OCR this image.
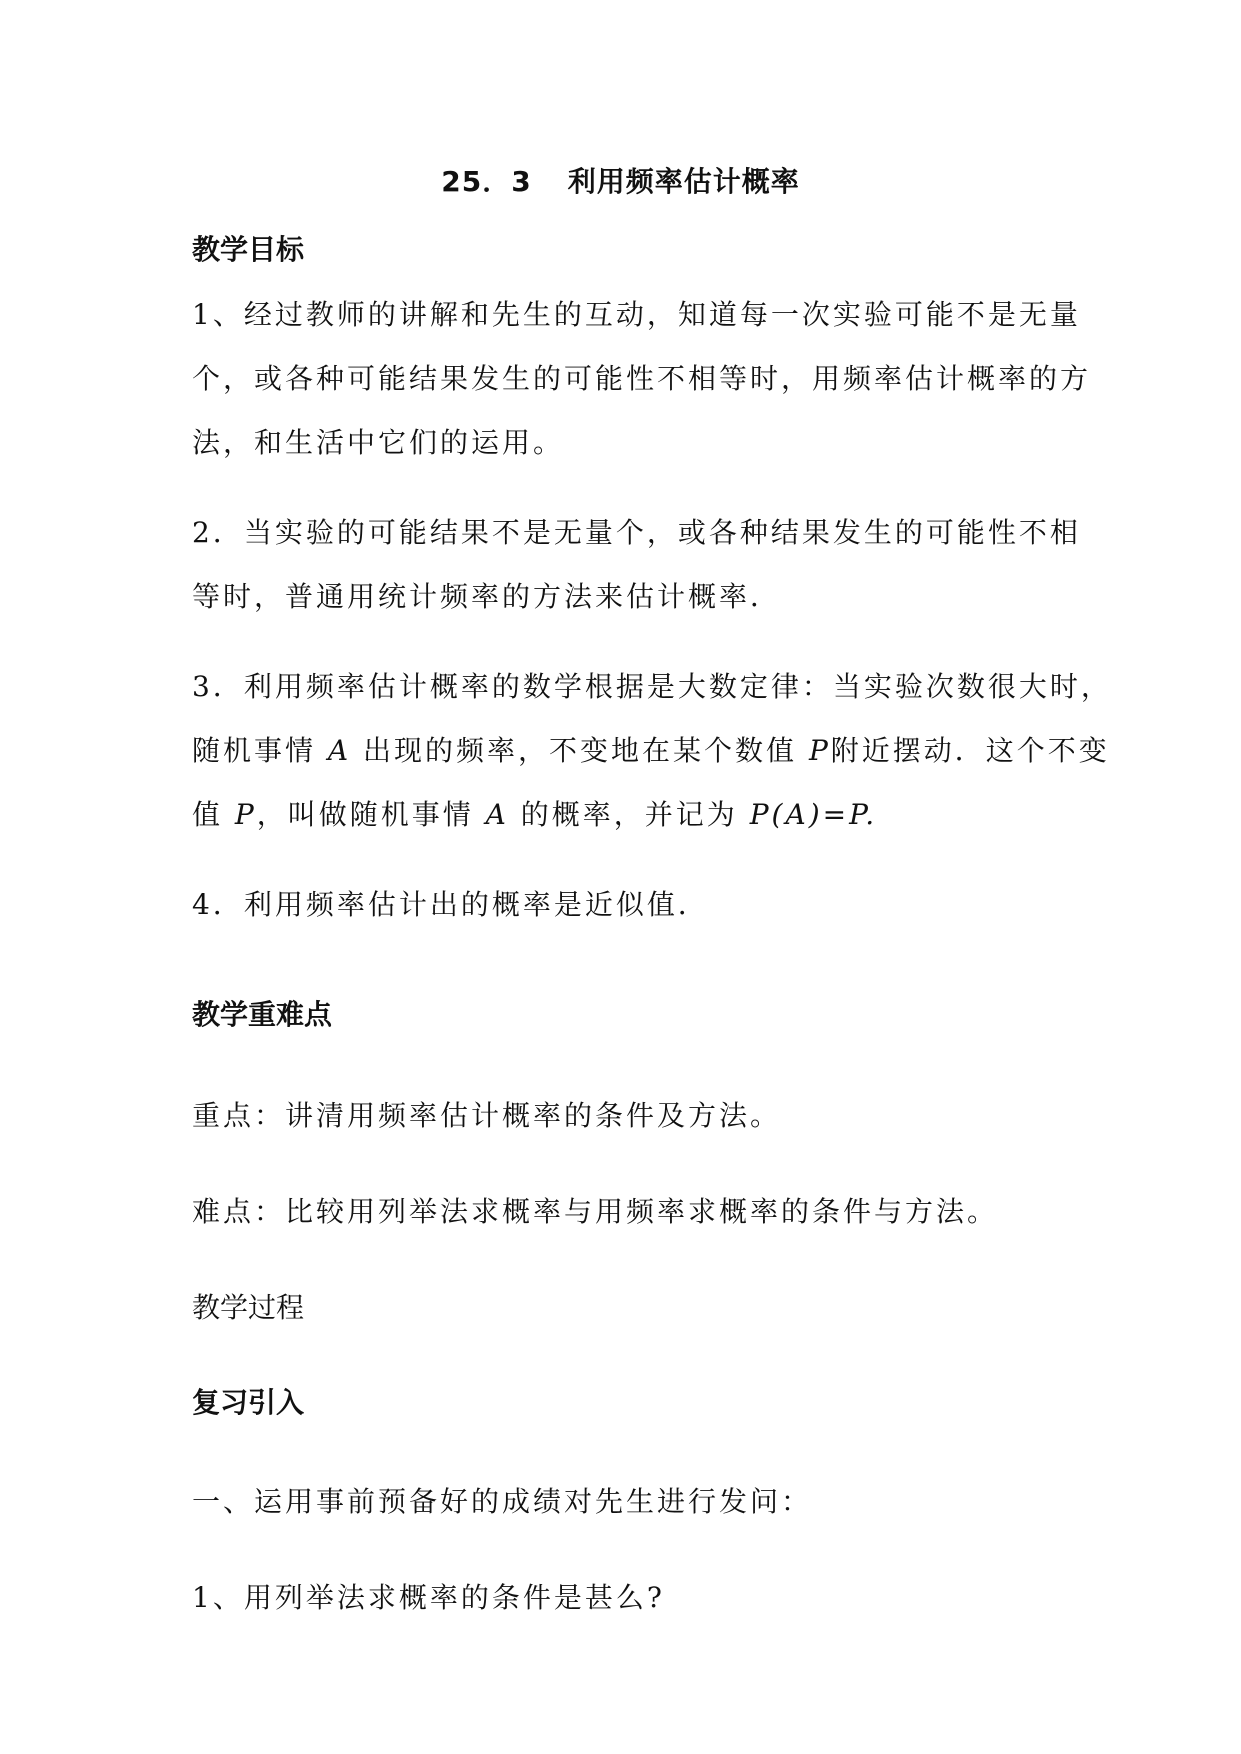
25．3 利用频率估计概率
教学目标
1、经过教师的讲解和先生的互动，知道每一次实验可能不是无量
个，或各种可能结果发生的可能性不相等时，用频率估计概率的方
法，和生活中它们的运用。
2．当实验的可能结果不是无量个，或各种结果发生的可能性不相
等时，普通用统计频率的方法来估计概率．
3．利用频率估计概率的数学根据是大数定律：当实验次数很大时，
随机事情 A 出现的频率，不变地在某个数值 P附近摆动．这个不变
值 P，叫做随机事情 A 的概率，并记为 P(A)=P.
4．利用频率估计出的概率是近似值．
教学重难点
重点：讲清用频率估计概率的条件及方法。
难点：比较用列举法求概率与用频率求概率的条件与方法。
教学过程
复习引入
一、运用事前预备好的成绩对先生进行发问：
1、用列举法求概率的条件是甚么?
